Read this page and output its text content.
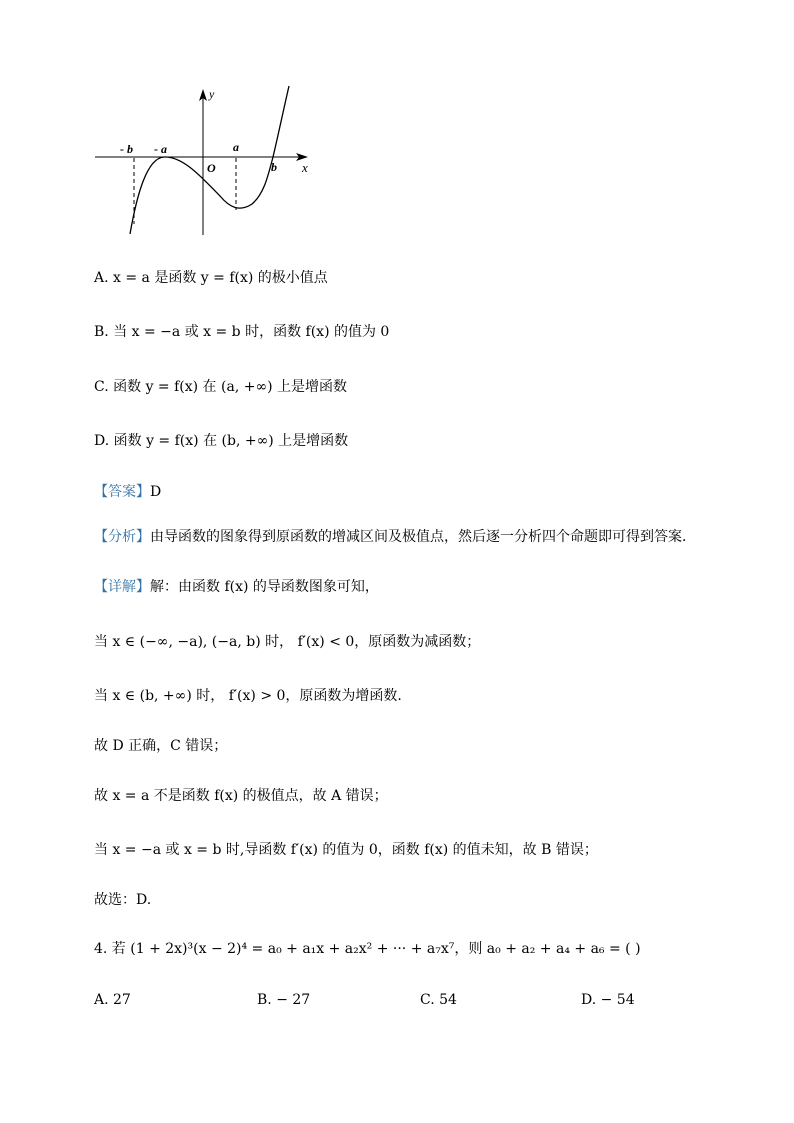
y
x
O
- b - a	a
b
A. x = a 是函数 y = f(x) 的极小值点
B. 当 x = −a 或 x = b 时，函数 f(x) 的值为 0
C. 函数 y = f(x) 在 (a, +∞) 上是增函数
D. 函数 y = f(x) 在 (b, +∞) 上是增函数
【答案】D
【分析】由导函数的图象得到原函数的增减区间及极值点，然后逐一分析四个命题即可得到答案．
【详解】解：由函数 f(x) 的导函数图象可知，
当 x ∈ (−∞, −a), (−a, b) 时， f′(x) < 0，原函数为减函数；
当 x ∈ (b, +∞) 时， f′(x) > 0，原函数为增函数.
故 D 正确，C 错误；
故 x = a 不是函数 f(x) 的极值点，故 A 错误；
当 x = −a 或 x = b 时,导函数 f′(x) 的值为 0，函数 f(x) 的值未知，故 B 错误；
故选：D.
4. 若 (1 + 2x)³(x − 2)⁴ = a₀ + a₁x + a₂x² + ··· + a₇x⁷，则 a₀ + a₂ + a₄ + a₆ = ( )
A. 27	B. − 27	C. 54	D. − 54
